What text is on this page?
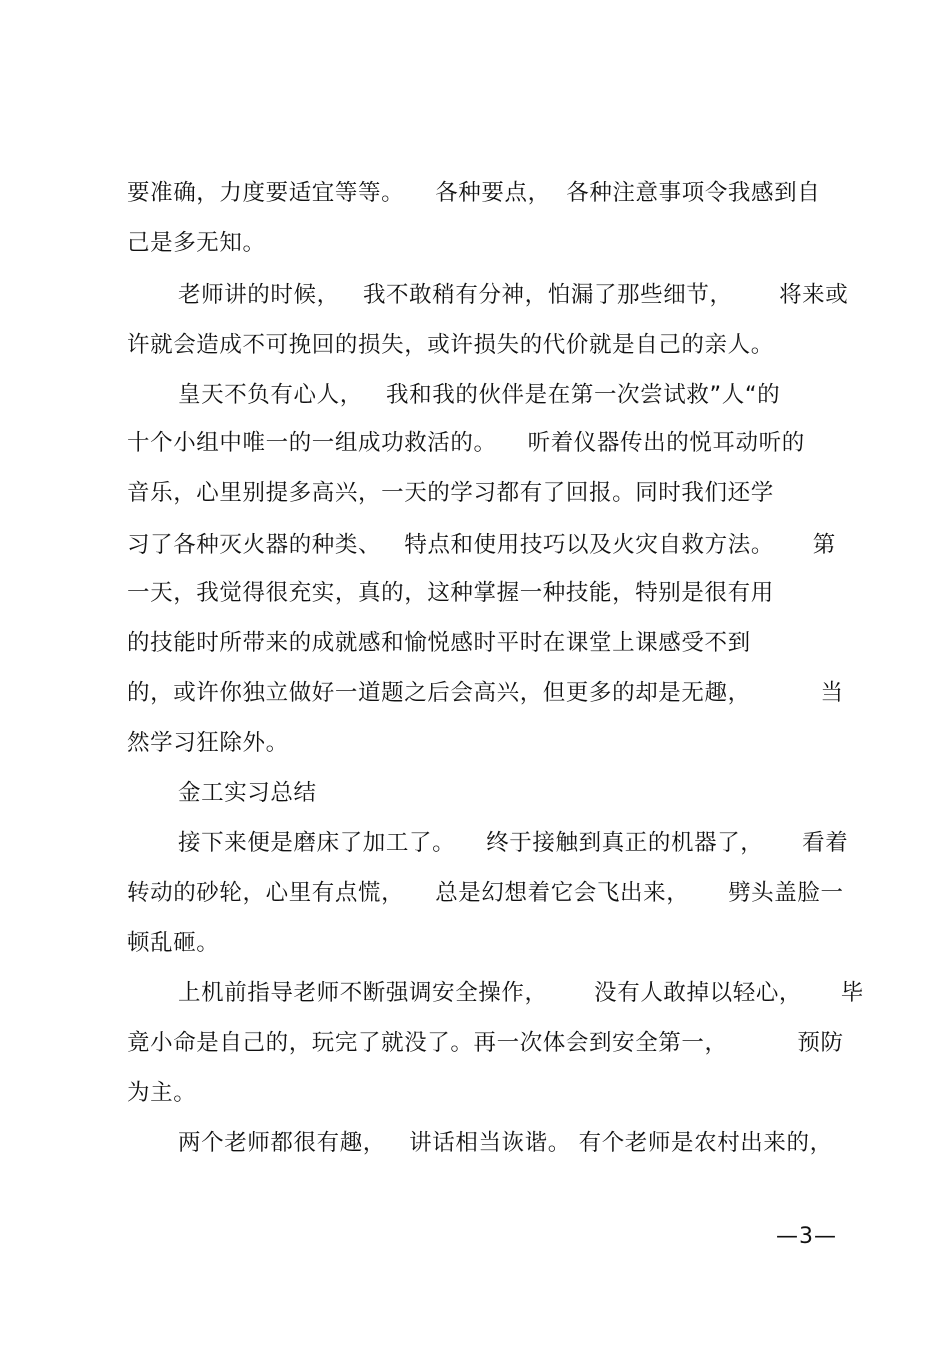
要准确，力度要适宜等等。    各种要点，  各种注意事项令我感到自
己是多无知。
老师讲的时候，   我不敢稍有分神，怕漏了那些细节，      将来或
许就会造成不可挽回的损失，或许损失的代价就是自己的亲人。
皇天不负有心人，   我和我的伙伴是在第一次尝试救”人“的
十个小组中唯一的一组成功救活的。    听着仪器传出的悦耳动听的
音乐，心里别提多高兴，一天的学习都有了回报。同时我们还学
习了各种灭火器的种类、   特点和使用技巧以及火灾自救方法。     第
一天，我觉得很充实，真的，这种掌握一种技能，特别是很有用
的技能时所带来的成就感和愉悦感时平时在课堂上课感受不到
的，或许你独立做好一道题之后会高兴，但更多的却是无趣，         当
然学习狂除外。
金工实习总结
接下来便是磨床了加工了。    终于接触到真正的机器了，     看着
转动的砂轮，心里有点慌，    总是幻想着它会飞出来，     劈头盖脸一
顿乱砸。
上机前指导老师不断强调安全操作，      没有人敢掉以轻心，     毕
竟小命是自己的，玩完了就没了。再一次体会到安全第一，         预防
为主。
两个老师都很有趣，   讲话相当诙谐。 有个老师是农村出来的，
—3—
